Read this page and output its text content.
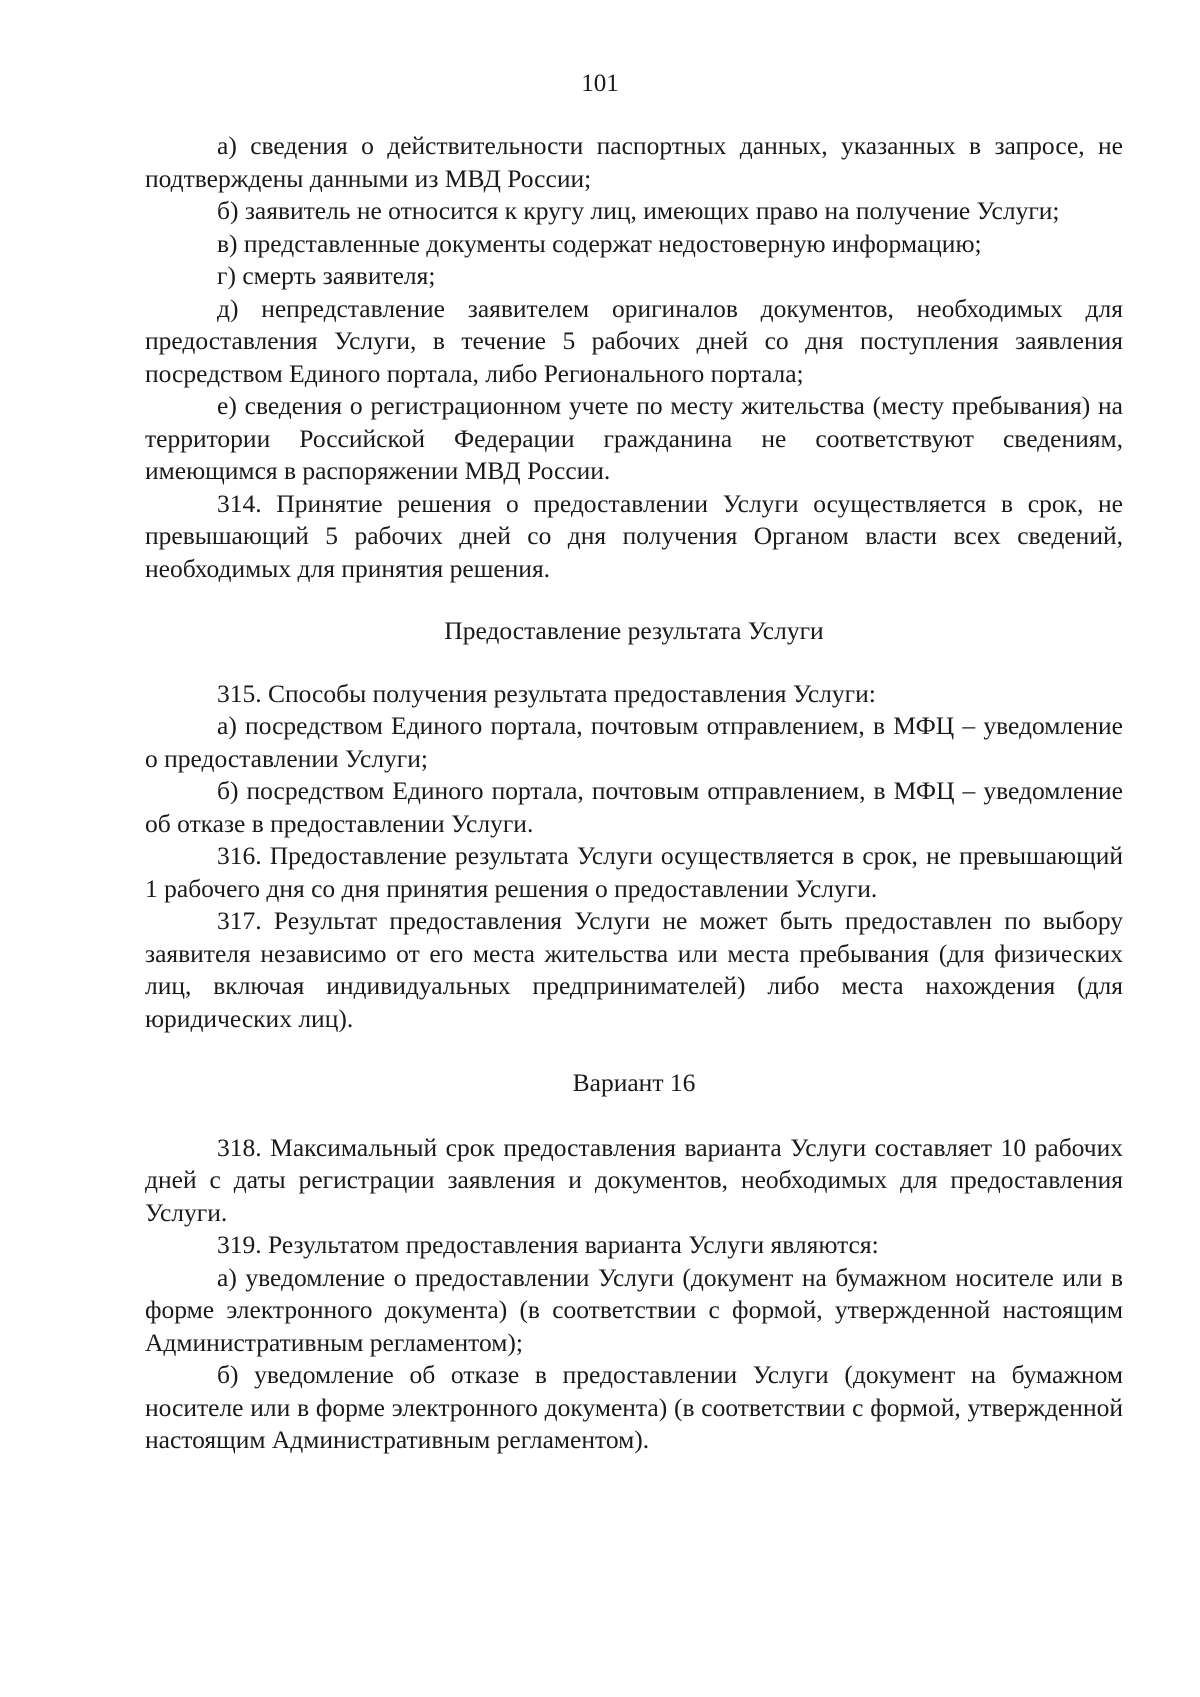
101

а) сведения о действительности паспортных данных, указанных в запросе, не подтверждены данными из МВД России;

б) заявитель не относится к кругу лиц, имеющих право на получение Услуги;

в) представленные документы содержат недостоверную информацию;

г) смерть заявителя;

д) непредставление заявителем оригиналов документов, необходимых для предоставления Услуги, в течение 5 рабочих дней со дня поступления заявления посредством Единого портала, либо Регионального портала;

е) сведения о регистрационном учете по месту жительства (месту пребывания) на территории Российской Федерации гражданина не соответствуют сведениям, имеющимся в распоряжении МВД России.

314. Принятие решения о предоставлении Услуги осуществляется в срок, не превышающий 5 рабочих дней со дня получения Органом власти всех сведений, необходимых для принятия решения.

Предоставление результата Услуги

315. Способы получения результата предоставления Услуги:

а) посредством Единого портала, почтовым отправлением, в МФЦ – уведомление о предоставлении Услуги;

б) посредством Единого портала, почтовым отправлением, в МФЦ – уведомление об отказе в предоставлении Услуги.

316. Предоставление результата Услуги осуществляется в срок, не превышающий 1 рабочего дня со дня принятия решения о предоставлении Услуги.

317. Результат предоставления Услуги не может быть предоставлен по выбору заявителя независимо от его места жительства или места пребывания (для физических лиц, включая индивидуальных предпринимателей) либо места нахождения (для юридических лиц).

Вариант 16

318. Максимальный срок предоставления варианта Услуги составляет 10 рабочих дней с даты регистрации заявления и документов, необходимых для предоставления Услуги.

319. Результатом предоставления варианта Услуги являются:

а) уведомление о предоставлении Услуги (документ на бумажном носителе или в форме электронного документа) (в соответствии с формой, утвержденной настоящим Административным регламентом);

б) уведомление об отказе в предоставлении Услуги (документ на бумажном носителе или в форме электронного документа) (в соответствии с формой, утвержденной настоящим Административным регламентом).
